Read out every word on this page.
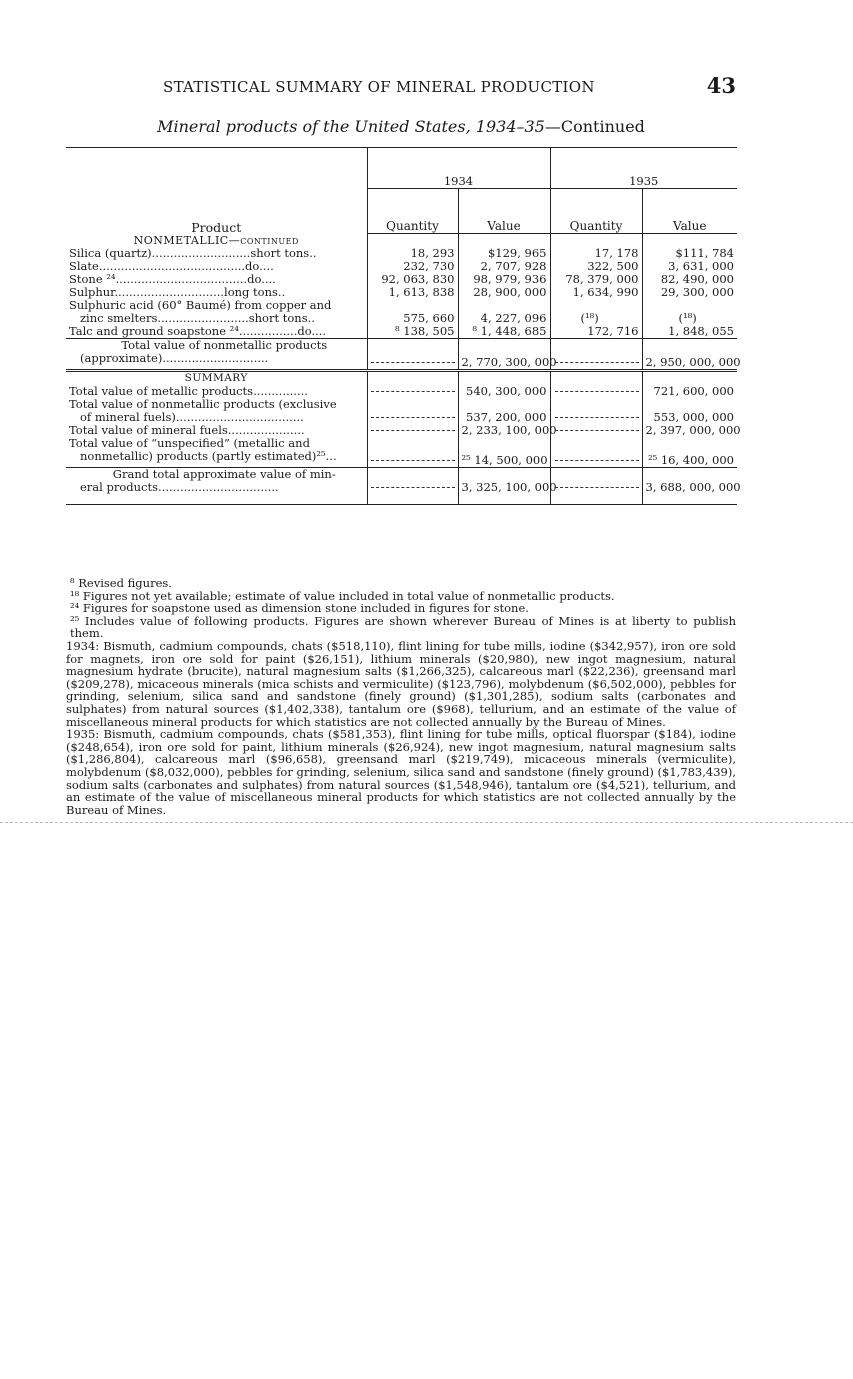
STATISTICAL SUMMARY OF MINERAL PRODUCTION	43
Mineral products of the United States, 1934–35—Continued
Product	1934		1935	
	Quantity	Value	Quantity	Value
NONMETALLIC—continued				
Silica (quartz)...........................short tons..	18, 293	$129, 965	17, 178	$111, 784
Slate........................................do....	232, 730	2, 707, 928	322, 500	3, 631, 000
Stone ²⁴....................................do....	92, 063, 830	98, 979, 936	78, 379, 000	82, 490, 000
Sulphur..............................long tons..	1, 613, 838	28, 900, 000	1, 634, 990	29, 300, 000
Sulphuric acid (60° Baumé) from copper and				
zinc smelters.........................short tons..	575, 660	4, 227, 096	(¹⁸)	(¹⁸)
Talc and ground soapstone ²⁴................do....	⁸ 138, 505	⁸ 1, 448, 685	172, 716	1, 848, 055
Total value of nonmetallic products				
(approximate).............................		2, 770, 300, 000		2, 950, 000, 000
SUMMARY				
Total value of metallic products...............		540, 300, 000		721, 600, 000
Total value of nonmetallic products (exclusive				
of mineral fuels)...................................		537, 200, 000		553, 000, 000
Total value of mineral fuels.....................		2, 233, 100, 000		2, 397, 000, 000
Total value of “unspecified” (metallic and				
nonmetallic) products (partly estimated)²⁵...		²⁵ 14, 500, 000		²⁵ 16, 400, 000
Grand total approximate value of min-				
eral products.................................		3, 325, 100, 000		3, 688, 000, 000

⁸ Revised figures.

¹⁸ Figures not yet available; estimate of value included in total value of nonmetallic products.

²⁴ Figures for soapstone used as dimension stone included in figures for stone.

²⁵ Includes value of following products. Figures are shown wherever Bureau of Mines is at liberty to publish them.

1934: Bismuth, cadmium compounds, chats ($518,110), flint lining for tube mills, iodine ($342,957), iron ore sold for magnets, iron ore sold for paint ($26,151), lithium minerals ($20,980), new ingot magnesium, natural magnesium hydrate (brucite), natural magnesium salts ($1,266,325), calcareous marl ($22,236), greensand marl ($209,278), micaceous minerals (mica schists and vermiculite) ($123,796), molybdenum ($6,502,000), pebbles for grinding, selenium, silica sand and sandstone (finely ground) ($1,301,285), sodium salts (carbonates and sulphates) from natural sources ($1,402,338), tantalum ore ($968), tellurium, and an estimate of the value of miscellaneous mineral products for which statistics are not collected annually by the Bureau of Mines.

1935: Bismuth, cadmium compounds, chats ($581,353), flint lining for tube mills, optical fluorspar ($184), iodine ($248,654), iron ore sold for paint, lithium minerals ($26,924), new ingot magnesium, natural magnesium salts ($1,286,804), calcareous marl ($96,658), greensand marl ($219,749), micaceous minerals (vermiculite), molybdenum ($8,032,000), pebbles for grinding, selenium, silica sand and sandstone (finely ground) ($1,783,439), sodium salts (carbonates and sulphates) from natural sources ($1,548,946), tantalum ore ($4,521), tellurium, and an estimate of the value of miscellaneous mineral products for which statistics are not collected annually by the Bureau of Mines.
